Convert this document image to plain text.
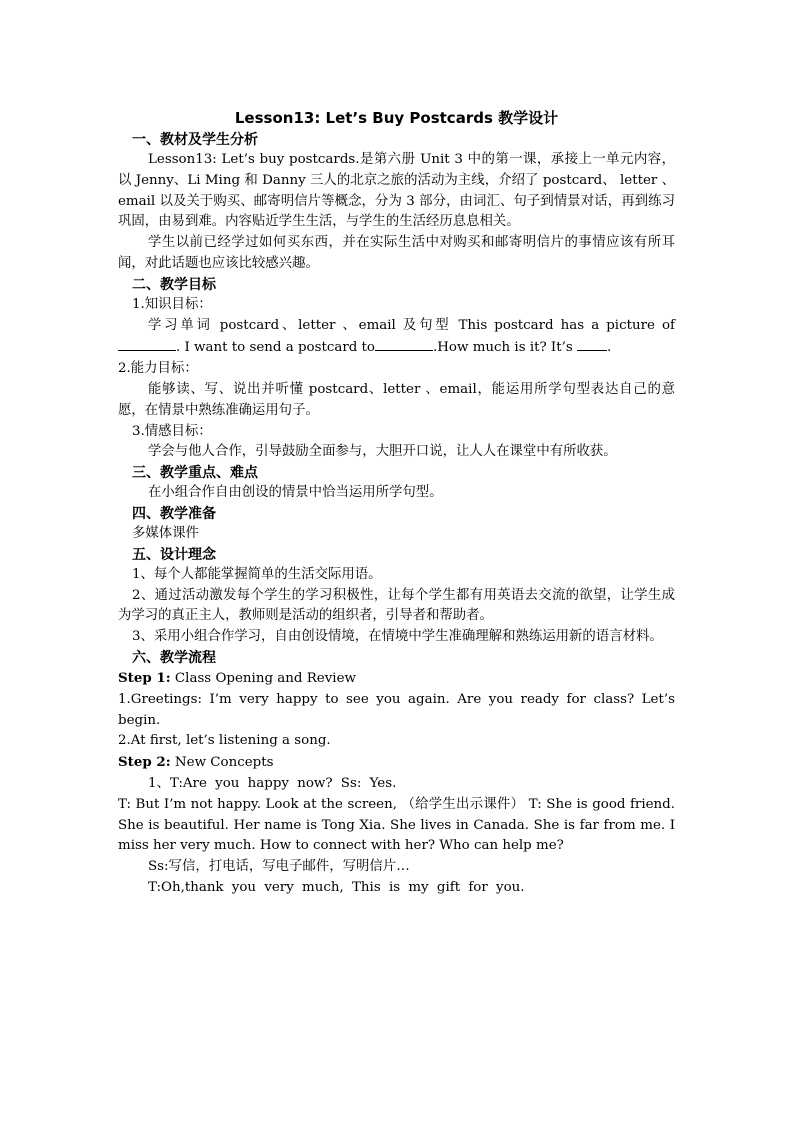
Lesson13: Let’s Buy Postcards 教学设计
一、教材及学生分析
Lesson13: Let’s buy postcards.是第六册 Unit 3 中的第一课，承接上一单元内容，以 Jenny、Li Ming 和 Danny 三人的北京之旅的活动为主线，介绍了 postcard、 letter 、email 以及关于购买、邮寄明信片等概念，分为 3 部分，由词汇、句子到情景对话，再到练习巩固，由易到难。内容贴近学生生活，与学生的生活经历息息相关。
学生以前已经学过如何买东西，并在实际生活中对购买和邮寄明信片的事情应该有所耳闻，对此话题也应该比较感兴趣。
二、教学目标
1.知识目标：
学习单词 postcard、letter 、email 及句型 This postcard has a picture of . I want to send a postcard to	.How much is it? It’s	.
2.能力目标：
能够读、写、说出并听懂 postcard、letter 、email，能运用所学句型表达自己的意愿，在情景中熟练准确运用句子。
3.情感目标：
学会与他人合作，引导鼓励全面参与，大胆开口说，让人人在课堂中有所收获。
三、教学重点、难点
在小组合作自由创设的情景中恰当运用所学句型。
四、教学准备
多媒体课件
五、设计理念
1、每个人都能掌握简单的生活交际用语。
2、通过活动激发每个学生的学习积极性，让每个学生都有用英语去交流的欲望，让学生成为学习的真正主人，教师则是活动的组织者，引导者和帮助者。
3、采用小组合作学习，自由创设情境，在情境中学生准确理解和熟练运用新的语言材料。
六、教学流程
Step 1: Class Opening and Review
1.Greetings: I’m very happy to see you again. Are you ready for class? Let’s begin.
2.At first, let’s listening a song.
Step 2: New Concepts
1、T:Are you happy now? Ss: Yes.
T: But I’m not happy. Look at the screen, （给学生出示课件） T: She is good friend. She is beautiful. Her name is Tong Xia. She lives in Canada. She is far from me. I miss her very much. How to connect with her? Who can help me?
Ss:写信，打电话，写电子邮件，写明信片…
T:Oh,thank you very much, This is my gift for you.
